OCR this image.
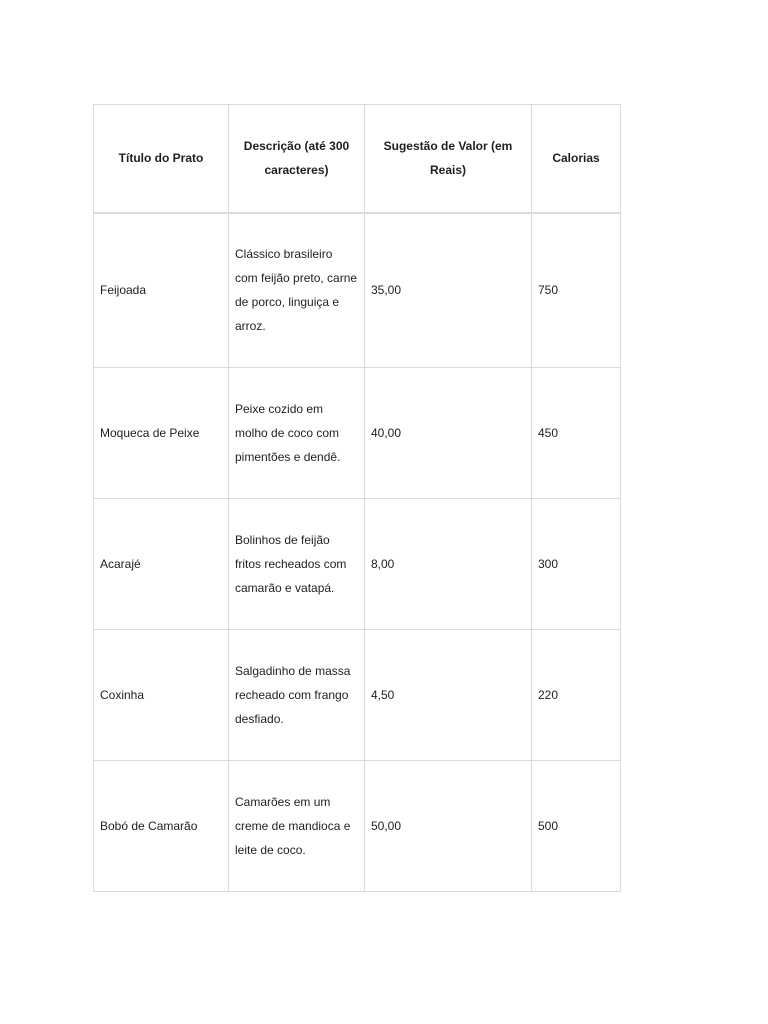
Título do Prato	Descrição (até 300 caracteres)	Sugestão de Valor (em Reais)	Calorias
Feijoada	Clássico brasileiro com feijão preto, carne de porco, linguiça e arroz.	35,00	750
Moqueca de Peixe	Peixe cozido em molho de coco com pimentões e dendê.	40,00	450
Acarajé	Bolinhos de feijão fritos recheados com camarão e vatapá.	8,00	300
Coxinha	Salgadinho de massa recheado com frango desfiado.	4,50	220
Bobó de Camarão	Camarões em um creme de mandioca e leite de coco.	50,00	500
